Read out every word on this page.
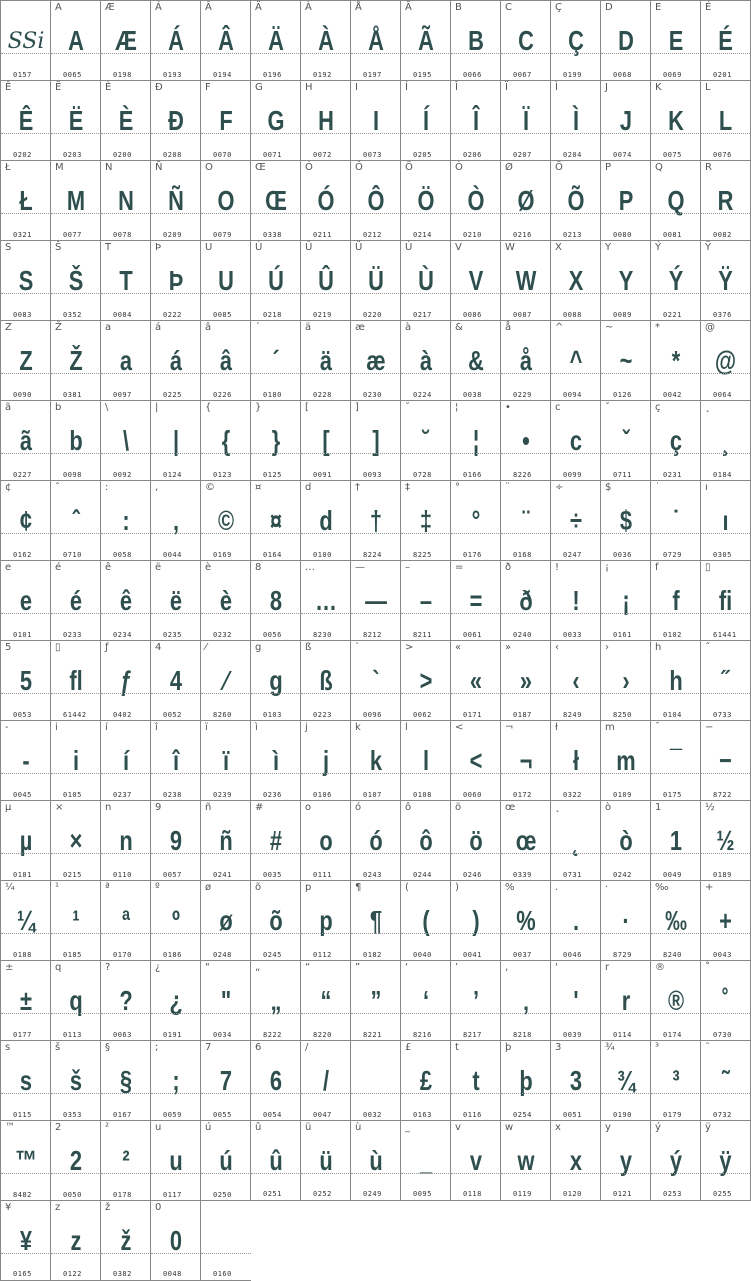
SSi
0157
A
A
0065
Æ
Æ
0198
Á
Á
0193
Â
Â
0194
Ä
Ä
0196
À
À
0192
Å
Å
0197
Ã
Ã
0195
B
B
0066
C
C
0067
Ç
Ç
0199
D
D
0068
E
E
0069
É
É
0201
Ê
Ê
0202
Ë
Ë
0203
È
È
0200
Đ
Đ
0208
F
F
0070
G
G
0071
H
H
0072
I
I
0073
Í
Í
0205
Î
Î
0206
Ï
Ï
0207
Ì
Ì
0204
J
J
0074
K
K
0075
L
L
0076
Ł
Ł
0321
M
M
0077
N
N
0078
Ñ
Ñ
0209
O
O
0079
Œ
Œ
0338
Ó
Ó
0211
Ô
Ô
0212
Ö
Ö
0214
Ò
Ò
0210
Ø
Ø
0216
Õ
Õ
0213
P
P
0080
Q
Q
0081
R
R
0082
S
S
0083
Š
Š
0352
T
T
0084
Þ
Þ
0222
U
U
0085
Ú
Ú
0218
Û
Û
0219
Ü
Ü
0220
Ù
Ù
0217
V
V
0086
W
W
0087
X
X
0088
Y
Y
0089
Ý
Ý
0221
Ÿ
Ÿ
0376
Z
Z
0090
Ž
Ž
0381
a
a
0097
á
á
0225
â
â
0226
´
´
0180
ä
ä
0228
æ
æ
0230
à
à
0224
&
&
0038
å
å
0229
^
^
0094
~
~
0126
*
*
0042
@
@
0064
ã
ã
0227
b
b
0098
\
\
0092
|
|
0124
{
{
0123
}
}
0125
[
[
0091
]
]
0093
˘
˘
0728
¦
¦
0166
•
•
8226
c
c
0099
ˇ
ˇ
0711
ç
ç
0231
¸
¸
0184
¢
¢
0162
ˆ
ˆ
0710
:
:
0058
,
,
0044
©
©
0169
¤
¤
0164
d
d
0100
†
†
8224
‡
‡
8225
°
°
0176
¨
¨
0168
÷
÷
0247
$
$
0036
˙
˙
0729
ı
ı
0305
e
e
0101
é
é
0233
ê
ê
0234
ë
ë
0235
è
è
0232
8
8
0056
…
…
8230
—
—
8212
–
–
8211
=
=
0061
ð
ð
0240
!
!
0033
¡
¡
0161
f
f
0102
▯
ﬁ
61441
5
5
0053
▯
ﬂ
61442
ƒ
ƒ
0402
4
4
0052
⁄
⁄
8260
g
g
0103
ß
ß
0223
`
`
0096
>
>
0062
«
«
0171
»
»
0187
‹
‹
8249
›
›
8250
h
h
0104
˝
˝
0733
-
-
0045
i
i
0105
í
í
0237
î
î
0238
ï
ï
0239
ì
ì
0236
j
j
0106
k
k
0107
l
l
0108
<
<
0060
¬
¬
0172
ł
ł
0322
m
m
0109
¯
¯
0175
−
−
8722
µ
µ
0181
×
×
0215
n
n
0110
9
9
0057
ñ
ñ
0241
#
#
0035
o
o
0111
ó
ó
0243
ô
ô
0244
ö
ö
0246
œ
œ
0339
˛
˛
0731
ò
ò
0242
1
1
0049
½
½
0189
¼
¼
0188
¹
¹
0185
ª
ª
0170
º
º
0186
ø
ø
0248
õ
õ
0245
p
p
0112
¶
¶
0182
(
(
0040
)
)
0041
%
%
0037
.
.
0046
·
·
8729
‰
‰
8240
+
+
0043
±
±
0177
q
q
0113
?
?
0063
¿
¿
0191
"
"
0034
„
„
8222
“
“
8220
”
”
8221
‘
‘
8216
’
’
8217
‚
‚
8218
'
'
0039
r
r
0114
®
®
0174
˚
˚
0730
s
s
0115
š
š
0353
§
§
0167
;
;
0059
7
7
0055
6
6
0054
/
/
0047	0032
£
£
0163
t
t
0116
þ
þ
0254
3
3
0051
¾
¾
0190
³
³
0179
˜
˜
0732
™
™
8482
2
2
0050
²
²
0178
u
u
0117
ú
ú
0250
û
û
0251
ü
ü
0252
ù
ù
0249
_
_
0095
v
v
0118
w
w
0119
x
x
0120
y
y
0121
ý
ý
0253
ÿ
ÿ
0255
¥
¥
0165
z
z
0122
ž
ž
0382
0
0
0048	0160
